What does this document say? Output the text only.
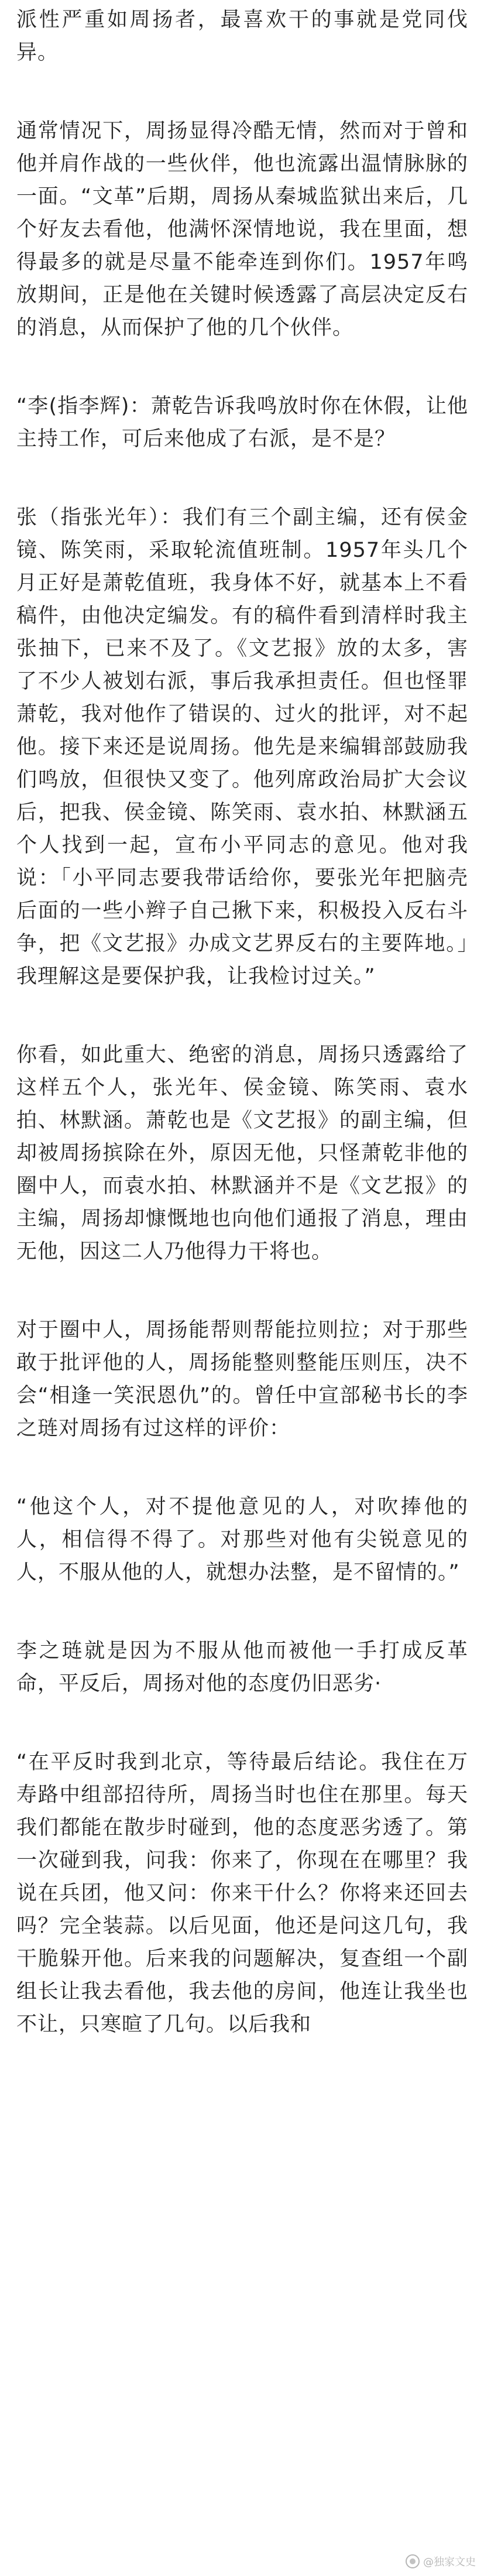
派性严重如周扬者，最喜欢干的事就是党同伐异。

通常情况下，周扬显得冷酷无情，然而对于曾和他并肩作战的一些伙伴，他也流露出温情脉脉的一面。“文革”后期，周扬从秦城监狱出来后，几个好友去看他，他满怀深情地说，我在里面，想得最多的就是尽量不能牵连到你们。1957年鸣放期间，正是他在关键时候透露了高层决定反右的消息，从而保护了他的几个伙伴。

“李(指李辉)：萧乾告诉我鸣放时你在休假，让他主持工作，可后来他成了右派，是不是？

张（指张光年）：我们有三个副主编，还有侯金镜、陈笑雨，采取轮流值班制。1957年头几个月正好是萧乾值班，我身体不好，就基本上不看稿件，由他决定编发。有的稿件看到清样时我主张抽下，已来不及了。《文艺报》放的太多，害了不少人被划右派，事后我承担责任。但也怪罪萧乾，我对他作了错误的、过火的批评，对不起他。接下来还是说周扬。他先是来编辑部鼓励我们鸣放，但很快又变了。他列席政治局扩大会议后，把我、侯金镜、陈笑雨、袁水拍、林默涵五个人找到一起，宣布小平同志的意见。他对我说：「小平同志要我带话给你，要张光年把脑壳后面的一些小辫子自己揪下来，积极投入反右斗争，把《文艺报》办成文艺界反右的主要阵地。」我理解这是要保护我，让我检讨过关。”

你看，如此重大、绝密的消息，周扬只透露给了这样五个人，张光年、侯金镜、陈笑雨、袁水拍、林默涵。萧乾也是《文艺报》的副主编，但却被周扬摈除在外，原因无他，只怪萧乾非他的圈中人，而袁水拍、林默涵并不是《文艺报》的主编，周扬却慷慨地也向他们通报了消息，理由无他，因这二人乃他得力干将也。

对于圈中人，周扬能帮则帮能拉则拉；对于那些敢于批评他的人，周扬能整则整能压则压，决不会“相逢一笑泯恩仇”的。曾任中宣部秘书长的李之琏对周扬有过这样的评价：

“他这个人，对不提他意见的人，对吹捧他的人，相信得不得了。对那些对他有尖锐意见的人，不服从他的人，就想办法整，是不留情的。”

李之琏就是因为不服从他而被他一手打成反革命，平反后，周扬对他的态度仍旧恶劣·

“在平反时我到北京，等待最后结论。我住在万寿路中组部招待所，周扬当时也住在那里。每天我们都能在散步时碰到，他的态度恶劣透了。第一次碰到我，问我：你来了，你现在在哪里？我说在兵团，他又问：你来干什么？你将来还回去吗？完全装蒜。以后见面，他还是问这几句，我干脆躲开他。后来我的问题解决，复查组一个副组长让我去看他，我去他的房间，他连让我坐也不让，只寒暄了几句。以后我和

@独家文史
